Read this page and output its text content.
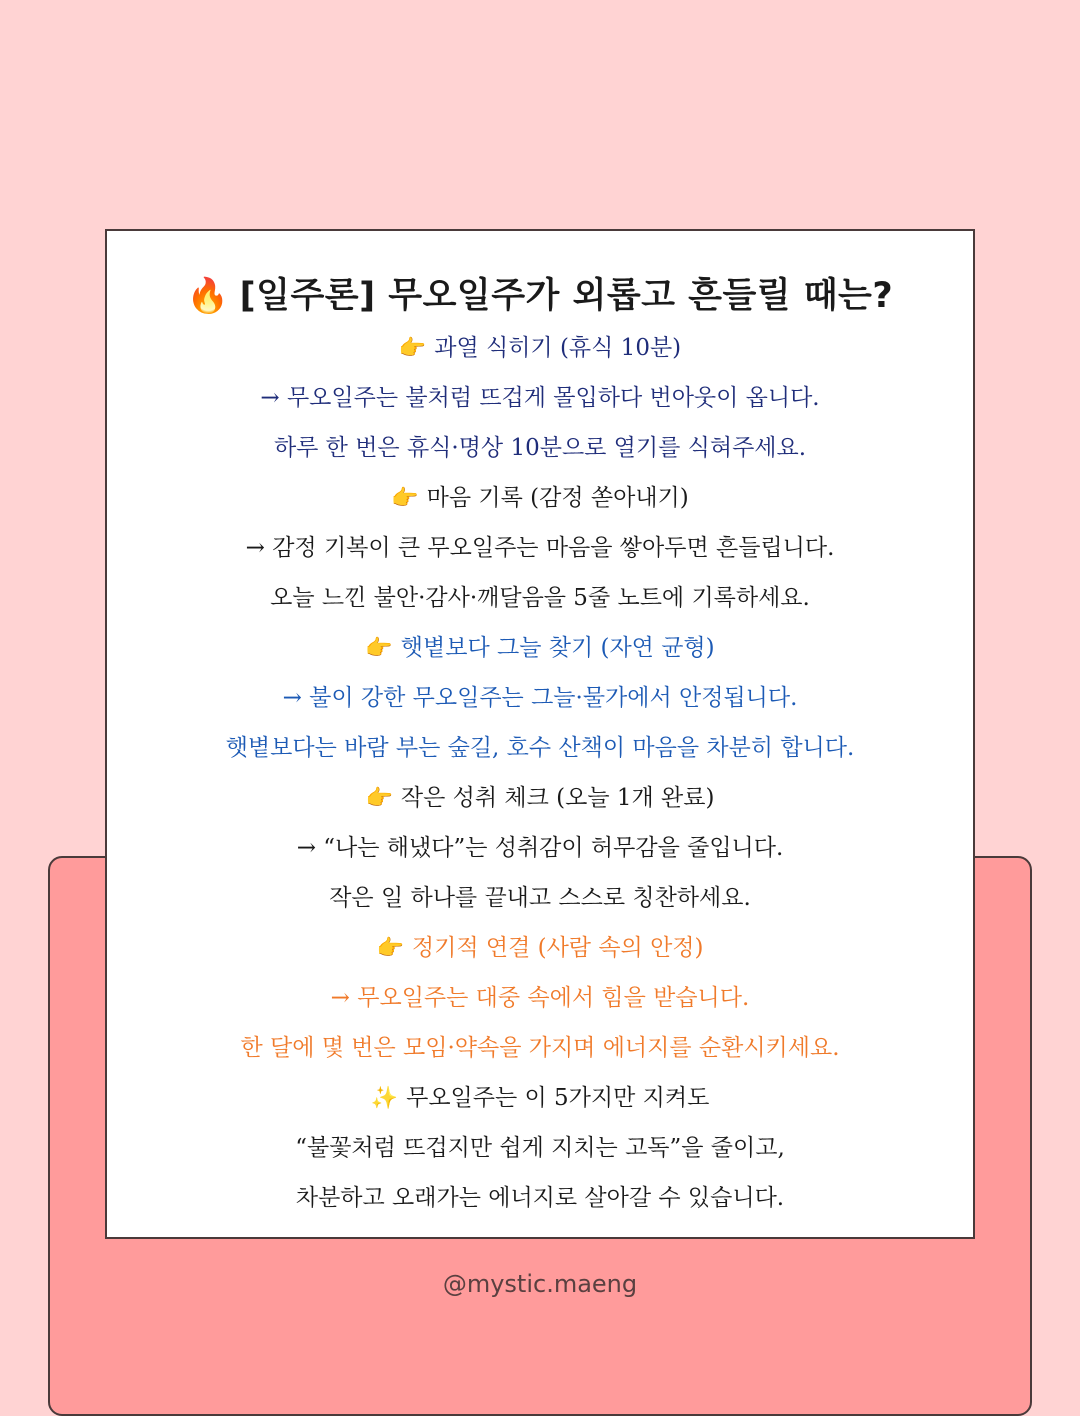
🔥 [일주론] 무오일주가 외롭고 흔들릴 때는?
👉 과열 식히기 (휴식 10분)
→ 무오일주는 불처럼 뜨겁게 몰입하다 번아웃이 옵니다.
하루 한 번은 휴식·명상 10분으로 열기를 식혀주세요.
👉 마음 기록 (감정 쏟아내기)
→ 감정 기복이 큰 무오일주는 마음을 쌓아두면 흔들립니다.
오늘 느낀 불안·감사·깨달음을 5줄 노트에 기록하세요.
👉 햇볕보다 그늘 찾기 (자연 균형)
→ 불이 강한 무오일주는 그늘·물가에서 안정됩니다.
햇볕보다는 바람 부는 숲길, 호수 산책이 마음을 차분히 합니다.
👉 작은 성취 체크 (오늘 1개 완료)
→ “나는 해냈다”는 성취감이 허무감을 줄입니다.
작은 일 하나를 끝내고 스스로 칭찬하세요.
👉 정기적 연결 (사람 속의 안정)
→ 무오일주는 대중 속에서 힘을 받습니다.
한 달에 몇 번은 모임·약속을 가지며 에너지를 순환시키세요.
✨ 무오일주는 이 5가지만 지켜도
“불꽃처럼 뜨겁지만 쉽게 지치는 고독”을 줄이고,
차분하고 오래가는 에너지로 살아갈 수 있습니다.
@mystic.maeng
